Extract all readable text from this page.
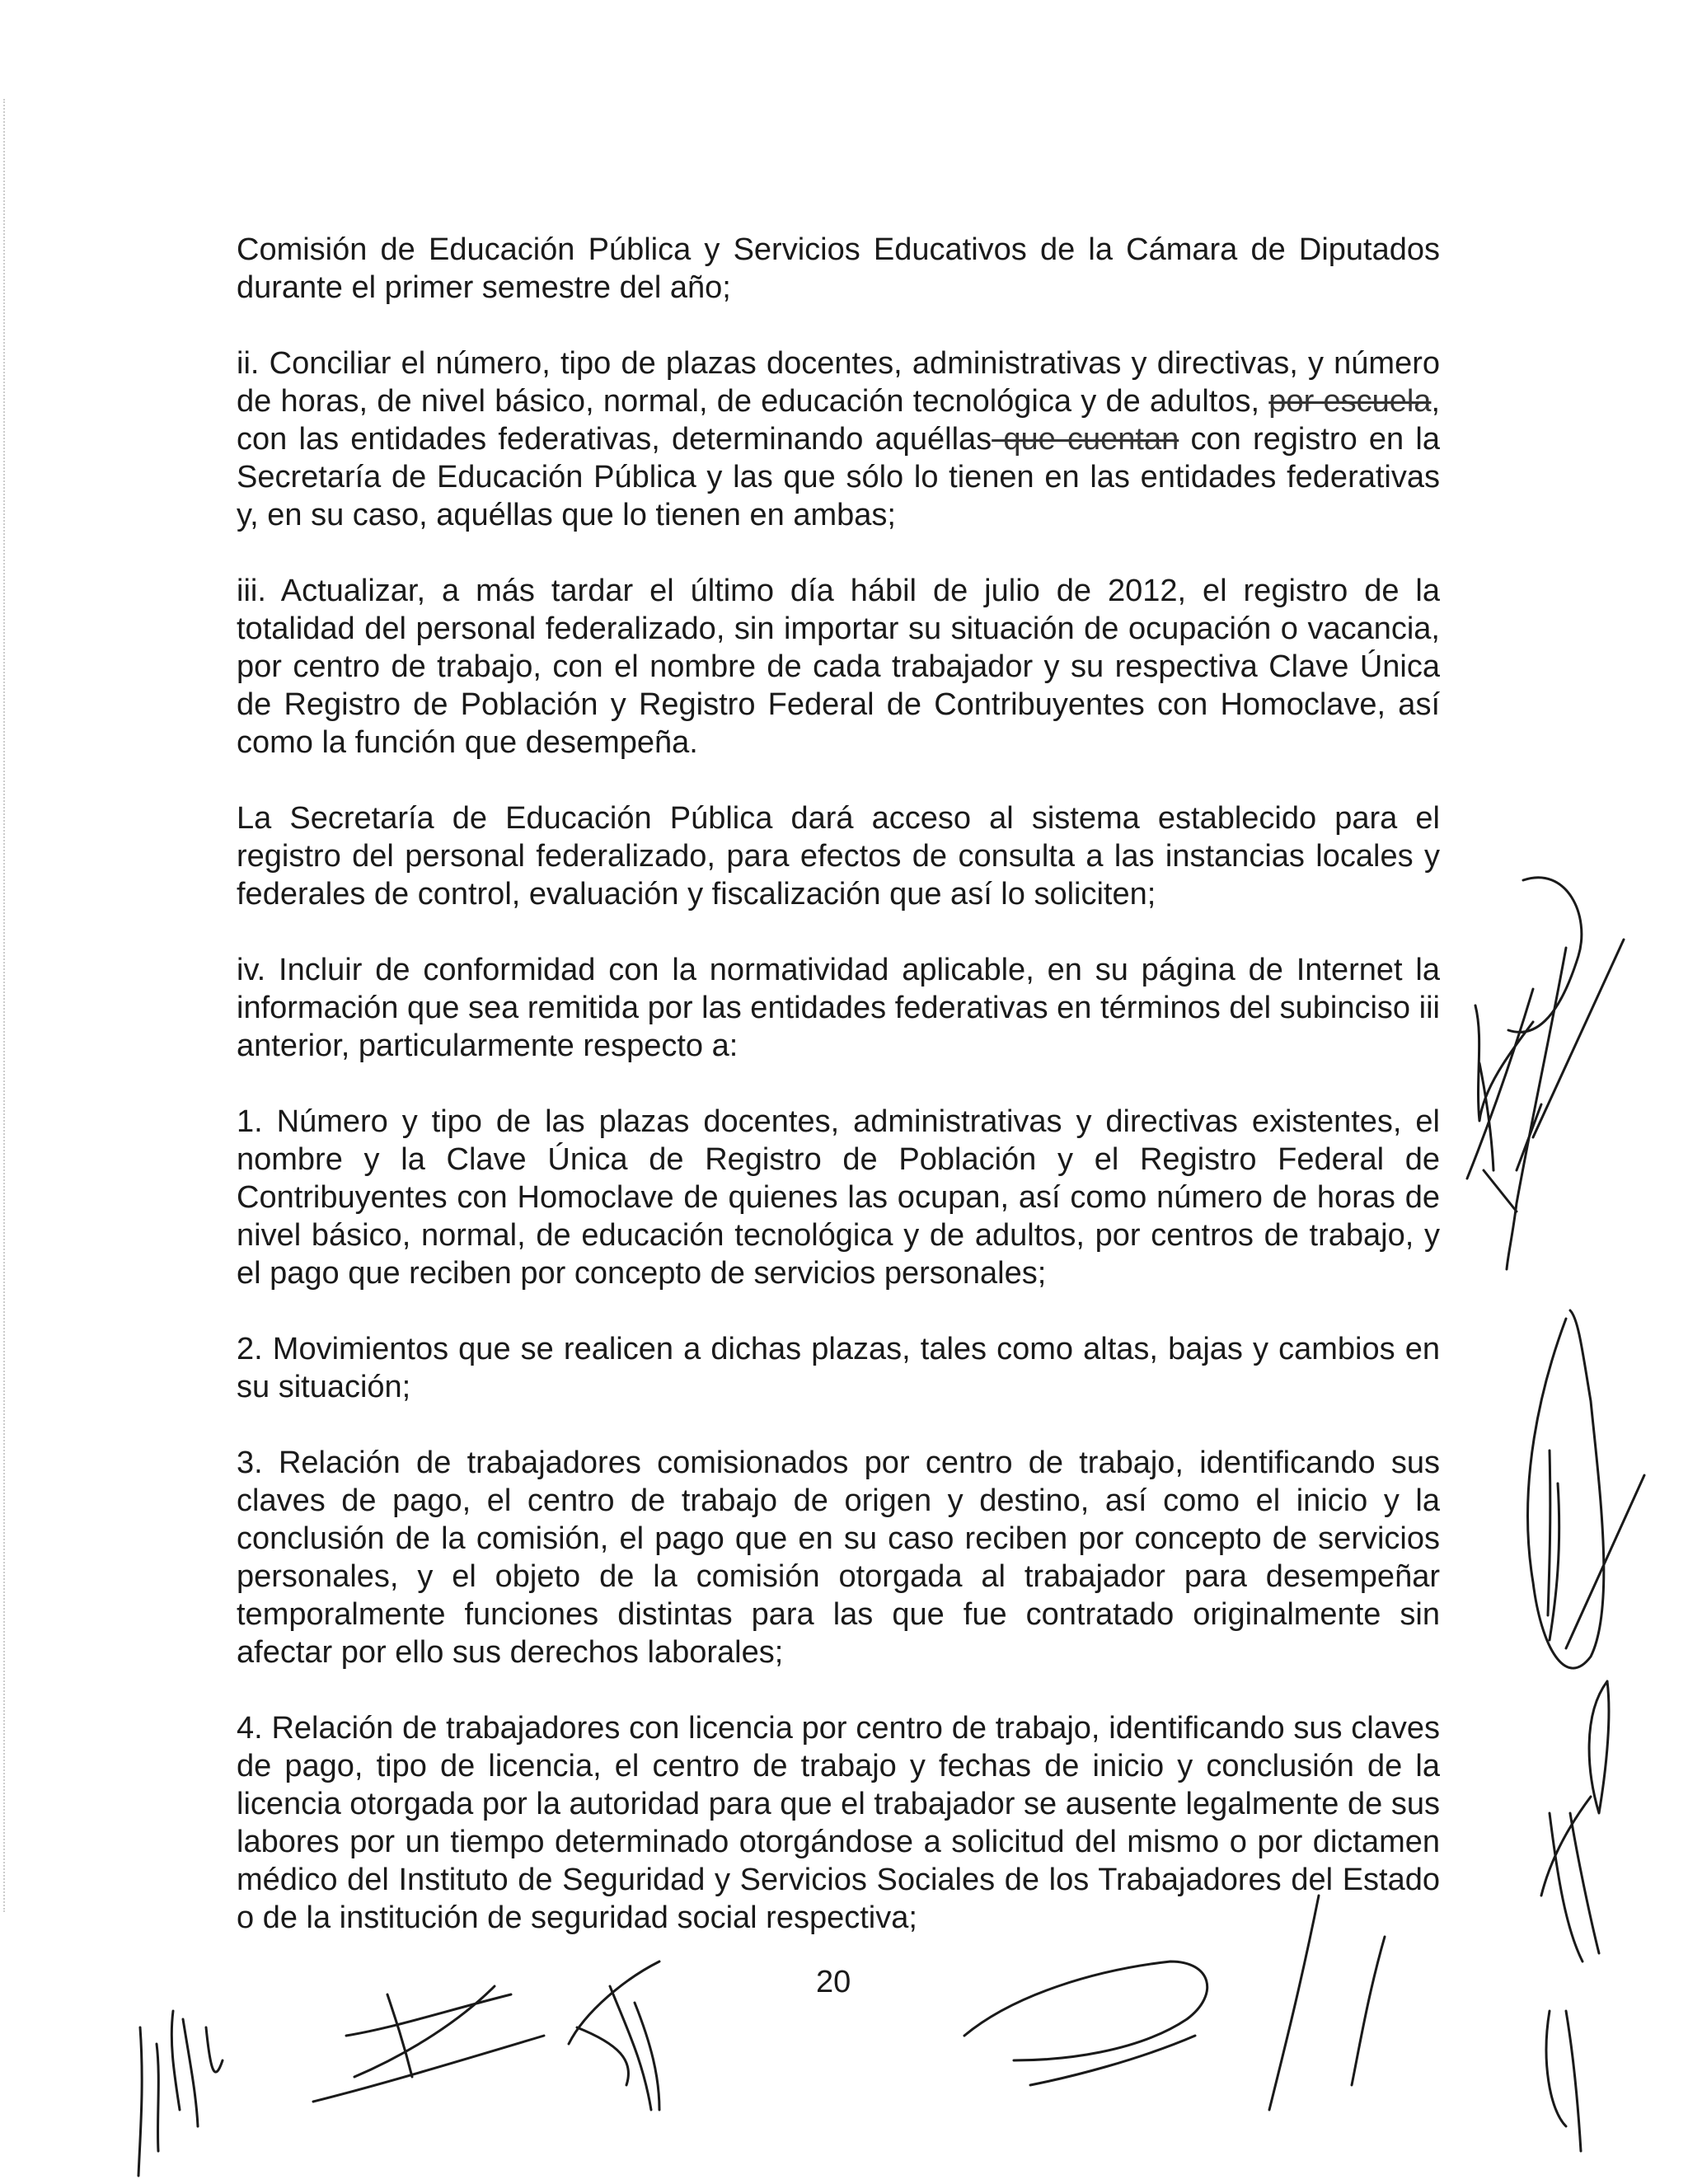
Comisión de Educación Pública y Servicios Educativos de la Cámara de Diputados durante el primer semestre del año;

ii. Conciliar el número, tipo de plazas docentes, administrativas y directivas, y número de horas, de nivel básico, normal, de educación tecnológica y de adultos, por escuela, con las entidades federativas, determinando aquéllas que cuentan con registro en la Secretaría de Educación Pública y las que sólo lo tienen en las entidades federativas y, en su caso, aquéllas que lo tienen en ambas;

iii. Actualizar, a más tardar el último día hábil de julio de 2012, el registro de la totalidad del personal federalizado, sin importar su situación de ocupación o vacancia, por centro de trabajo, con el nombre de cada trabajador y su respectiva Clave Única de Registro de Población y Registro Federal de Contribuyentes con Homoclave, así como la función que desempeña.

La Secretaría de Educación Pública dará acceso al sistema establecido para el registro del personal federalizado, para efectos de consulta a las instancias locales y federales de control, evaluación y fiscalización que así lo soliciten;

iv. Incluir de conformidad con la normatividad aplicable, en su página de Internet la información que sea remitida por las entidades federativas en términos del subinciso iii anterior, particularmente respecto a:

1. Número y tipo de las plazas docentes, administrativas y directivas existentes, el nombre y la Clave Única de Registro de Población y el Registro Federal de Contribuyentes con Homoclave de quienes las ocupan, así como número de horas de nivel básico, normal, de educación tecnológica y de adultos, por centros de trabajo, y el pago que reciben por concepto de servicios personales;

2. Movimientos que se realicen a dichas plazas, tales como altas, bajas y cambios en su situación;

3. Relación de trabajadores comisionados por centro de trabajo, identificando sus claves de pago, el centro de trabajo de origen y destino, así como el inicio y la conclusión de la comisión, el pago que en su caso reciben por concepto de servicios personales, y el objeto de la comisión otorgada al trabajador para desempeñar temporalmente funciones distintas para las que fue contratado originalmente sin afectar por ello sus derechos laborales;

4. Relación de trabajadores con licencia por centro de trabajo, identificando sus claves de pago, tipo de licencia, el centro de trabajo y fechas de inicio y conclusión de la licencia otorgada por la autoridad para que el trabajador se ausente legalmente de sus labores por un tiempo determinado otorgándose a solicitud del mismo o por dictamen médico del Instituto de Seguridad y Servicios Sociales de los Trabajadores del Estado o de la institución de seguridad social respectiva;

20
